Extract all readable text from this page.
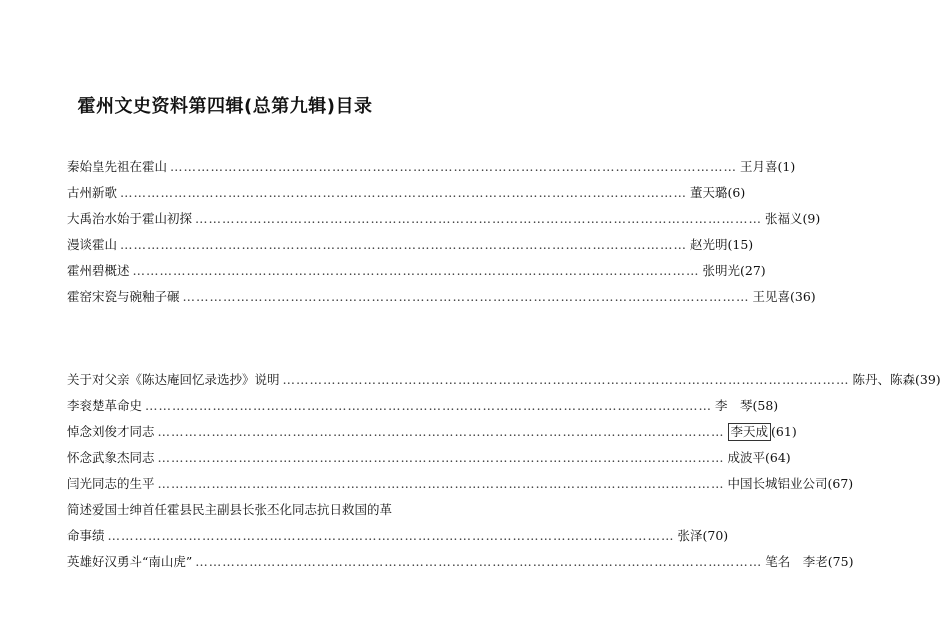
霍州文史资料第四辑(总第九辑)目录
秦始皇先祖在霍山 ……………………………………………………………………………………………………………… 王月喜(1)
古州新歌 ……………………………………………………………………………………………………………… 董天璐(6)
大禹治水始于霍山初探 ……………………………………………………………………………………………………………… 张福义(9)
漫谈霍山 ……………………………………………………………………………………………………………… 赵光明(15)
霍州碧概述 ……………………………………………………………………………………………………………… 张明光(27)
霍窑宋瓷与碗釉子碾 ……………………………………………………………………………………………………………… 王见喜(36)
关于对父亲《陈达庵回忆录选抄》说明 ……………………………………………………………………………………………………………… 陈丹、陈森(39)
李衮楚革命史 ……………………………………………………………………………………………………………… 李　琴(58)
悼念刘俊才同志 ……………………………………………………………………………………………………………… 李天成 (61)
怀念武象杰同志 ……………………………………………………………………………………………………………… 成波平(64)
闫光同志的生平 ……………………………………………………………………………………………………………… 中国长城铝业公司(67)
简述爱国士绅首任霍县民主副县长张丕化同志抗日救国的革
命事绩 ……………………………………………………………………………………………………………… 张泽(70)
英雄好汉勇斗“南山虎” ……………………………………………………………………………………………………………… 笔名　李老(75)
